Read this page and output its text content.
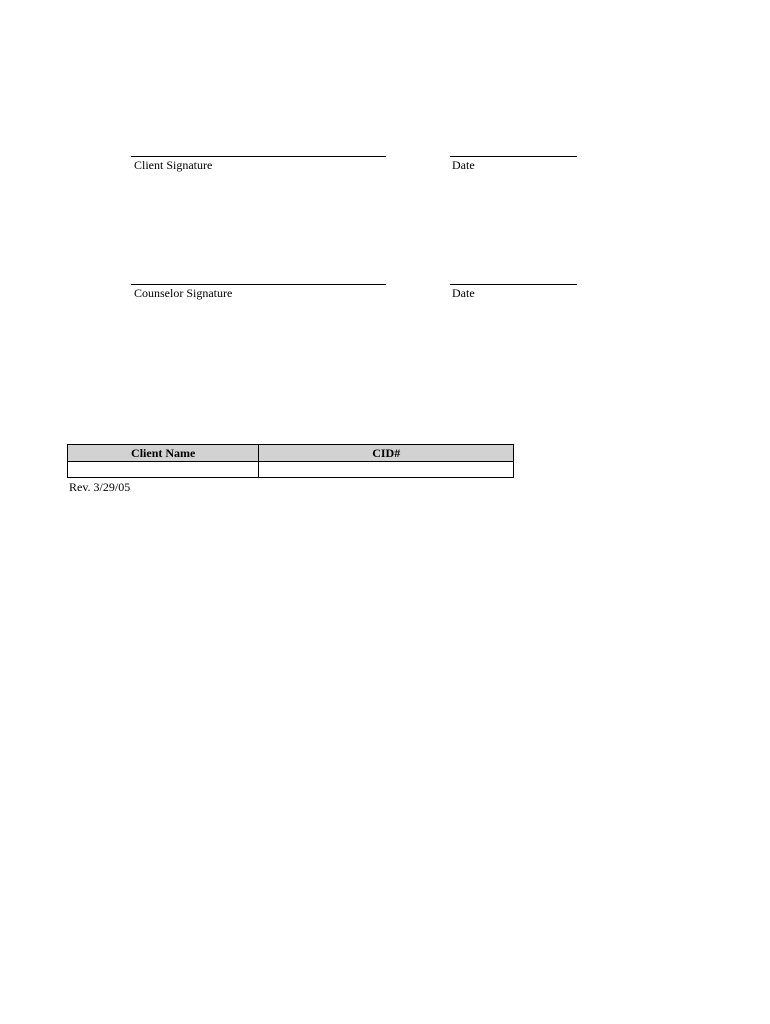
Client Signature	Date
Counselor Signature	Date
Client Name	CID#

Rev. 3/29/05
